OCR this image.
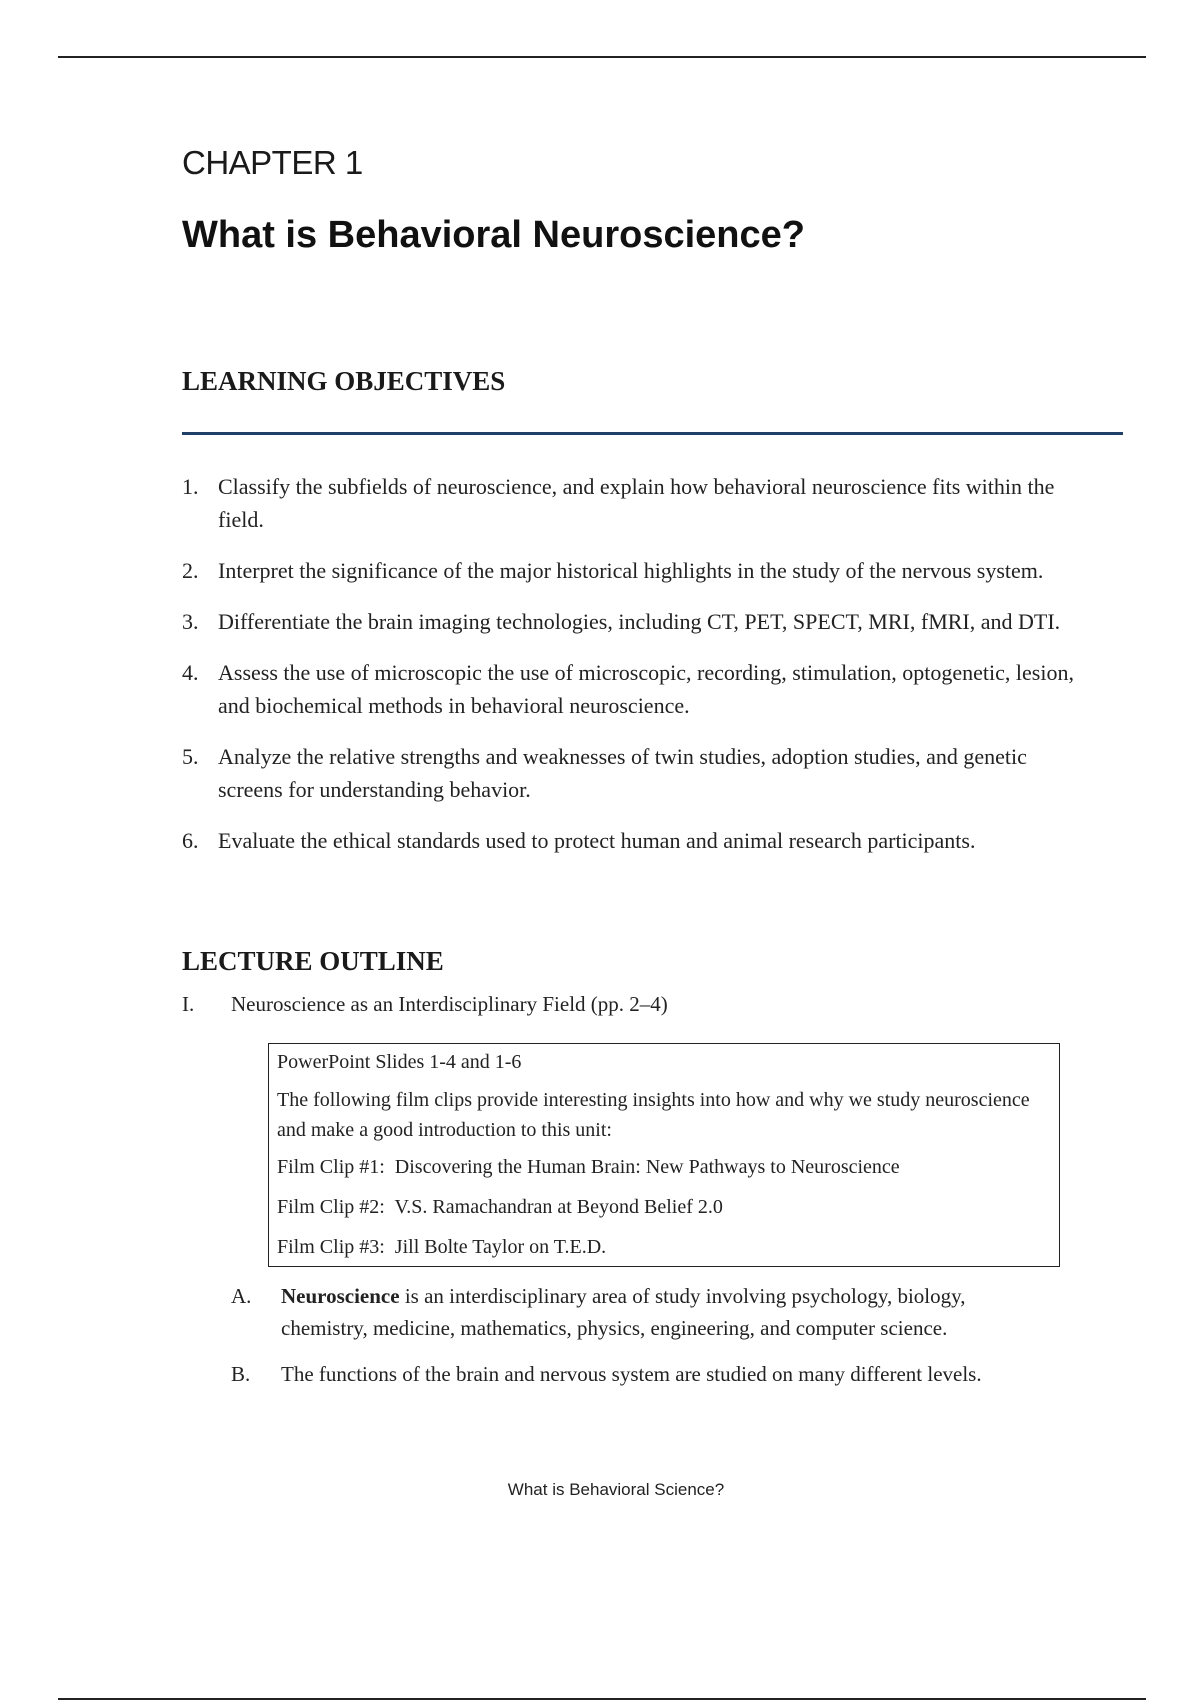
CHAPTER 1
What is Behavioral Neuroscience?
LEARNING OBJECTIVES
1. Classify the subfields of neuroscience, and explain how behavioral neuroscience fits within the field.
2. Interpret the significance of the major historical highlights in the study of the nervous system.
3. Differentiate the brain imaging technologies, including CT, PET, SPECT, MRI, fMRI, and DTI.
4. Assess the use of microscopic the use of microscopic, recording, stimulation, optogenetic, lesion, and biochemical methods in behavioral neuroscience.
5. Analyze the relative strengths and weaknesses of twin studies, adoption studies, and genetic screens for understanding behavior.
6. Evaluate the ethical standards used to protect human and animal research participants.
LECTURE OUTLINE
I. Neuroscience as an Interdisciplinary Field (pp. 2–4)

PowerPoint Slides 1-4 and 1-6

The following film clips provide interesting insights into how and why we study neuroscience and make a good introduction to this unit:

Film Clip #1:  Discovering the Human Brain: New Pathways to Neuroscience

Film Clip #2:  V.S. Ramachandran at Beyond Belief 2.0

Film Clip #3:  Jill Bolte Taylor on T.E.D.

A.	Neuroscience is an interdisciplinary area of study involving psychology, biology, chemistry, medicine, mathematics, physics, engineering, and computer science.
B.	The functions of the brain and nervous system are studied on many different levels.
What is Behavioral Science?
